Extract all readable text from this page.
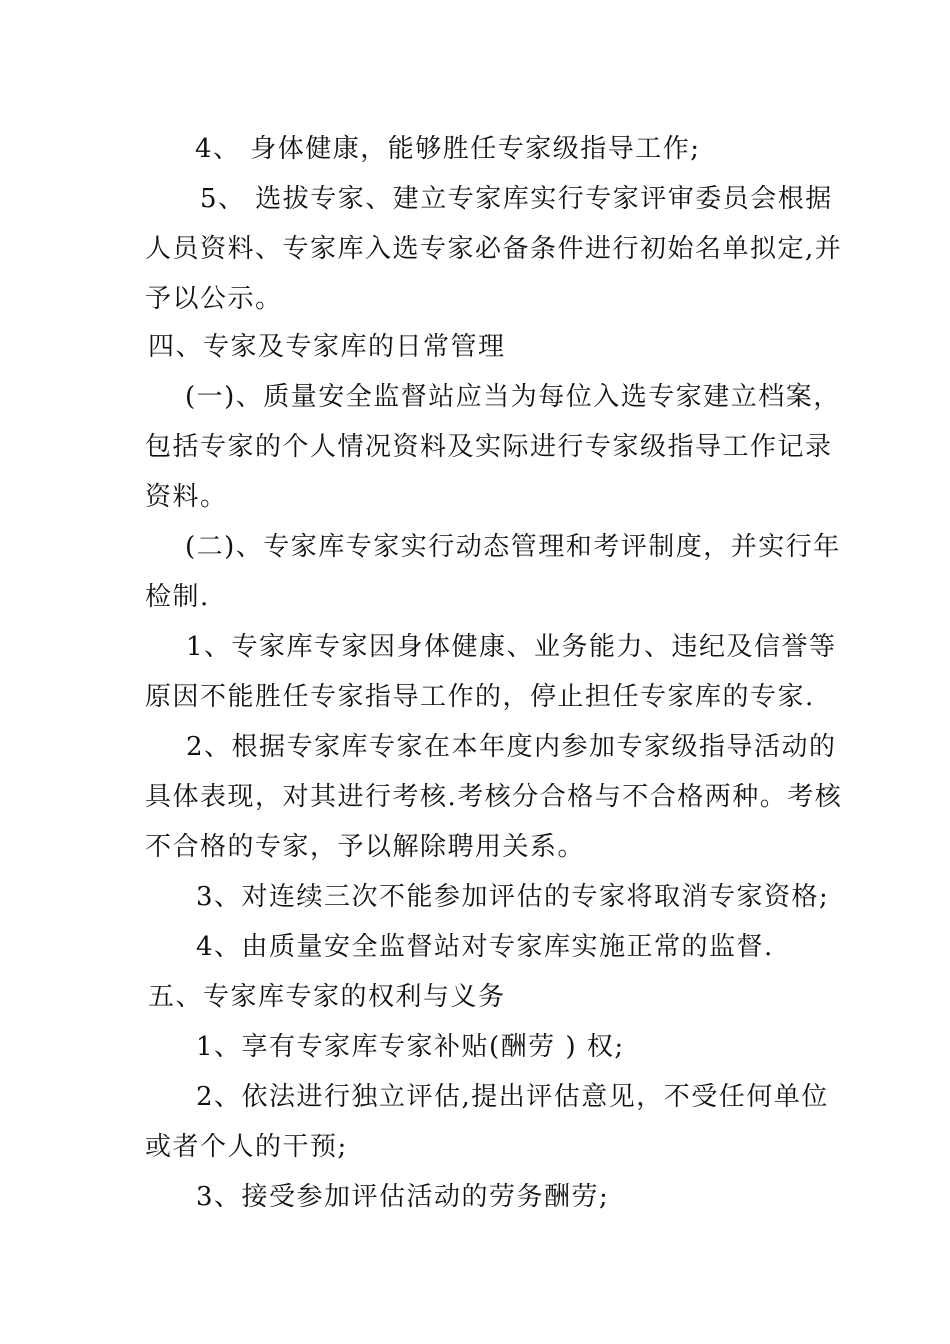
4、 身体健康，能够胜任专家级指导工作;
5、 选拔专家、建立专家库实行专家评审委员会根据
人员资料、专家库入选专家必备条件进行初始名单拟定,并
予以公示。
四、专家及专家库的日常管理
(一)、质量安全监督站应当为每位入选专家建立档案，
包括专家的个人情况资料及实际进行专家级指导工作记录
资料。
(二)、专家库专家实行动态管理和考评制度，并实行年
检制.
1、专家库专家因身体健康、业务能力、违纪及信誉等
原因不能胜任专家指导工作的，停止担任专家库的专家.
2、根据专家库专家在本年度内参加专家级指导活动的
具体表现，对其进行考核.考核分合格与不合格两种。考核
不合格的专家，予以解除聘用关系。
3、对连续三次不能参加评估的专家将取消专家资格;
4、由质量安全监督站对专家库实施正常的监督.
五、专家库专家的权利与义务
1、享有专家库专家补贴(酬劳 ) 权;
2、依法进行独立评估,提出评估意见，不受任何单位
或者个人的干预;
3、接受参加评估活动的劳务酬劳;
